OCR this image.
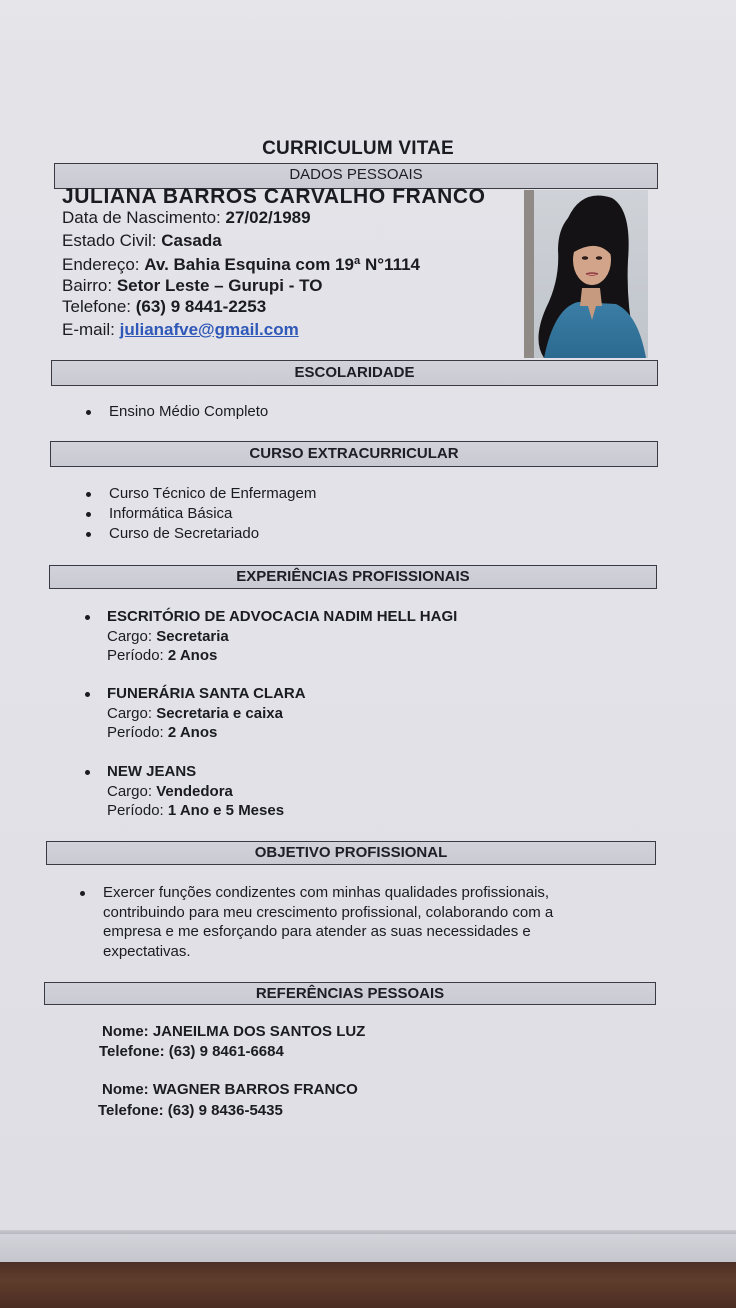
CURRICULUM VITAE
DADOS PESSOAIS
JULIANA BARROS CARVALHO FRANCO
Data de Nascimento: 27/02/1989
Estado Civil: Casada
Endereço: Av. Bahia Esquina com 19ª N°1114
Bairro: Setor Leste – Gurupi - TO
Telefone: (63) 9 8441-2253
E-mail: julianafve@gmail.com
ESCOLARIDADE
Ensino Médio Completo
CURSO EXTRACURRICULAR
Curso Técnico de Enfermagem
Informática Básica
Curso de Secretariado
EXPERIÊNCIAS PROFISSIONAIS
ESCRITÓRIO DE ADVOCACIA NADIM HELL HAGI
Cargo: Secretaria
Período: 2 Anos
FUNERÁRIA SANTA CLARA
Cargo: Secretaria e caixa
Período: 2 Anos
NEW JEANS
Cargo: Vendedora
Período: 1 Ano e 5 Meses
OBJETIVO PROFISSIONAL
Exercer funções condizentes com minhas qualidades profissionais,
contribuindo para meu crescimento profissional, colaborando com a
empresa e me esforçando para atender as suas necessidades e
expectativas.
REFERÊNCIAS PESSOAIS
Nome: JANEILMA DOS SANTOS LUZ
Telefone: (63) 9 8461-6684
Nome: WAGNER BARROS FRANCO
Telefone: (63) 9 8436-5435
